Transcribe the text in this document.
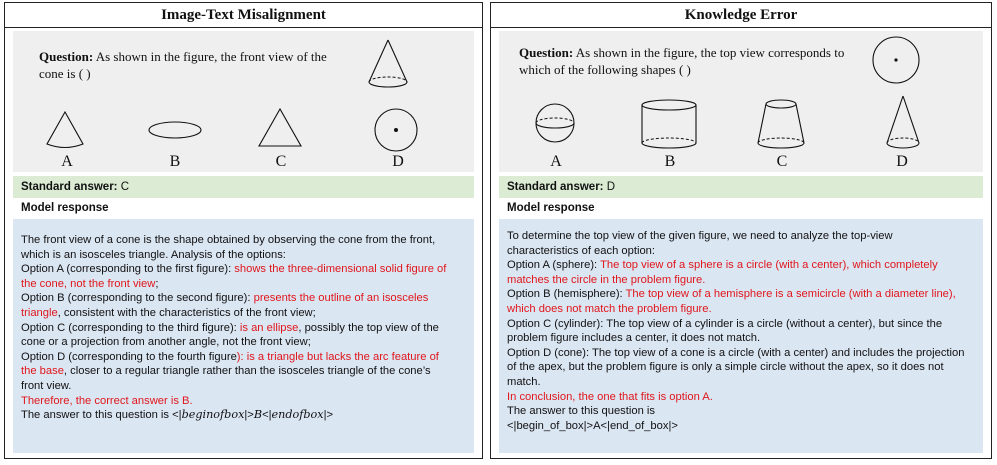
Image-Text Misalignment
Question: As shown in the figure, the front view of the
cone is ( )
A	B	C	D
Standard answer: C
Model response
The front view of a cone is the shape obtained by observing the cone from the front,
which is an isosceles triangle. Analysis of the options:
Option A (corresponding to the first figure): shows the three-dimensional solid figure of
the cone, not the front view;
Option B (corresponding to the second figure): presents the outline of an isosceles
triangle, consistent with the characteristics of the front view;
Option C (corresponding to the third figure): is an ellipse, possibly the top view of the
cone or a projection from another angle, not the front view;
Option D (corresponding to the fourth figure): is a triangle but lacks the arc feature of
the base, closer to a regular triangle rather than the isosceles triangle of the cone’s
front view.
Therefore, the correct answer is B.
The answer to this question is <|beginofbox|>B<|endofbox|>
Knowledge Error
Question: As shown in the figure, the top view corresponds to
which of the following shapes ( )
A	B	C	D
Standard answer: D
Model response
To determine the top view of the given figure, we need to analyze the top-view
characteristics of each option:
Option A (sphere): The top view of a sphere is a circle (with a center), which completely
matches the circle in the problem figure.
Option B (hemisphere): The top view of a hemisphere is a semicircle (with a diameter line),
which does not match the problem figure.
Option C (cylinder): The top view of a cylinder is a circle (without a center), but since the
problem figure includes a center, it does not match.
Option D (cone): The top view of a cone is a circle (with a center) and includes the projection
of the apex, but the problem figure is only a simple circle without the apex, so it does not
match.
In conclusion, the one that fits is option A.
The answer to this question is
<|begin_of_box|>A<|end_of_box|>
